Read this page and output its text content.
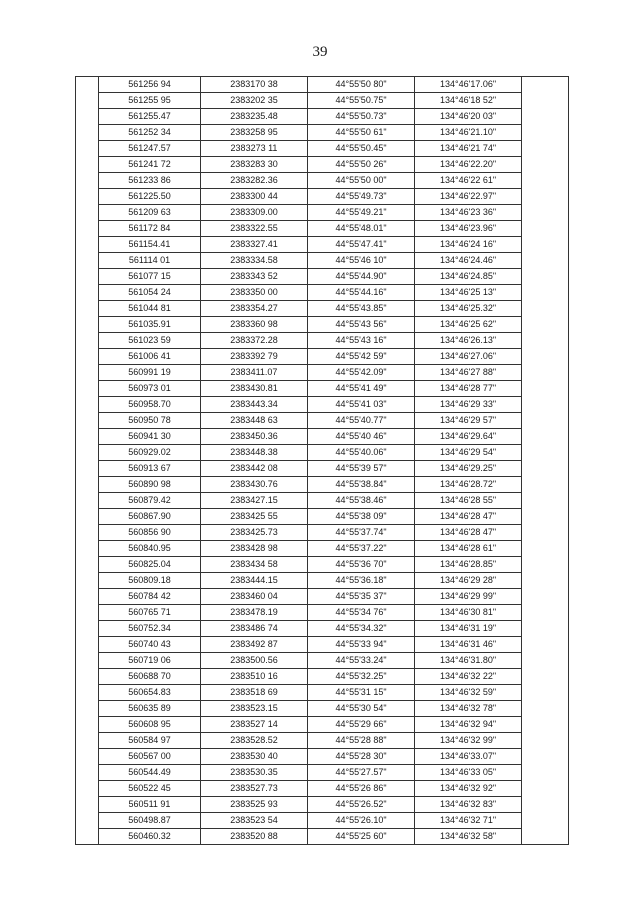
39
	561256 94	2383170 38	44°55'50 80"	134°46'17.06"	
	561255 95	2383202 35	44°55'50.75"	134°46'18 52"	
	561255.47	2383235.48	44°55'50.73"	134°46'20 03"	
	561252 34	2383258 95	44°55'50 61"	134°46'21.10"	
	561247.57	2383273 11	44°55'50.45"	134°46'21 74"	
	561241 72	2383283 30	44°55'50 26"	134°46'22.20"	
	561233 86	2383282.36	44°55'50 00"	134°46'22 61"	
	561225.50	2383300 44	44°55'49.73"	134°46'22.97"	
	561209 63	2383309.00	44°55'49.21"	134°46'23 36"	
	561172 84	2383322.55	44°55'48.01"	134°46'23.96"	
	561154.41	2383327.41	44°55'47.41"	134°46'24 16"	
	561114 01	2383334.58	44°55'46 10"	134°46'24.46"	
	561077 15	2383343 52	44°55'44.90"	134°46'24.85"	
	561054 24	2383350 00	44°55'44.16"	134°46'25 13"	
	561044 81	2383354.27	44°55'43.85"	134°46'25.32"	
	561035.91	2383360 98	44°55'43 56"	134°46'25 62"	
	561023 59	2383372.28	44°55'43 16"	134°46'26.13"	
	561006 41	2383392 79	44°55'42 59"	134°46'27.06"	
	560991 19	2383411.07	44°55'42.09"	134°46'27 88"	
	560973 01	2383430.81	44°55'41 49"	134°46'28 77"	
	560958.70	2383443.34	44°55'41 03"	134°46'29 33"	
	560950 78	2383448 63	44°55'40.77"	134°46'29 57"	
	560941 30	2383450.36	44°55'40 46"	134°46'29.64"	
	560929.02	2383448.38	44°55'40.06"	134°46'29 54"	
	560913 67	2383442 08	44°55'39 57"	134°46'29.25"	
	560890 98	2383430.76	44°55'38.84"	134°46'28.72"	
	560879.42	2383427.15	44°55'38.46"	134°46'28 55"	
	560867.90	2383425 55	44°55'38 09"	134°46'28 47"	
	560856 90	2383425.73	44°55'37.74"	134°46'28 47"	
	560840.95	2383428 98	44°55'37.22"	134°46'28 61"	
	560825.04	2383434 58	44°55'36 70"	134°46'28.85"	
	560809.18	2383444.15	44°55'36.18"	134°46'29 28"	
	560784 42	2383460 04	44°55'35 37"	134°46'29 99"	
	560765 71	2383478.19	44°55'34 76"	134°46'30 81"	
	560752.34	2383486 74	44°55'34.32"	134°46'31 19"	
	560740 43	2383492 87	44°55'33 94"	134°46'31 46"	
	560719 06	2383500.56	44°55'33.24"	134°46'31.80"	
	560688 70	2383510 16	44°55'32.25"	134°46'32 22"	
	560654.83	2383518 69	44°55'31 15"	134°46'32 59"	
	560635 89	2383523.15	44°55'30 54"	134°46'32 78"	
	560608 95	2383527 14	44°55'29 66"	134°46'32 94"	
	560584 97	2383528.52	44°55'28 88"	134°46'32 99"	
	560567 00	2383530 40	44°55'28 30"	134°46'33.07"	
	560544.49	2383530.35	44°55'27.57"	134°46'33 05"	
	560522 45	2383527.73	44°55'26 86"	134°46'32 92"	
	560511 91	2383525 93	44°55'26.52"	134°46'32 83"	
	560498.87	2383523 54	44°55'26.10"	134°46'32 71"	
	560460.32	2383520 88	44°55'25 60"	134°46'32 58"	
